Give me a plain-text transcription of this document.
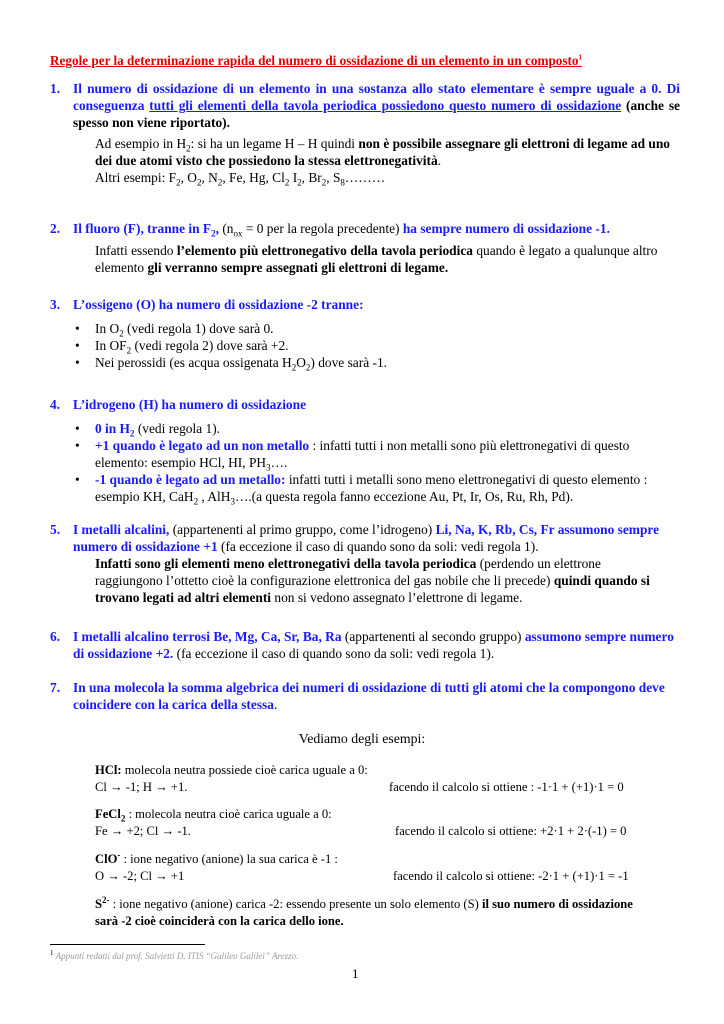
Regole per la determinazione rapida del numero di ossidazione di un elemento in un composto$^1$
1. Il numero di ossidazione di un elemento in una sostanza allo stato elementare è sempre uguale a 0. Di conseguenza tutti gli elementi della tavola periodica possiedono questo numero di ossidazione (anche se spesso non viene riportato).
Ad esempio in $H_2$: si ha un legame H – H quindi non è possibile assegnare gli elettroni di legame ad uno dei due atomi visto che possiedono la stessa elettronegatività.
Altri esempi: $F_2$, $O_2$, $N_2$, Fe, Hg, $Cl_2$ $I_2$, $Br_2$, $S_8\dots\dots\dots$
2. Il fluoro (F), tranne in $F_2$, ($n_{ox} = 0$ per la regola precedente) ha sempre numero di ossidazione -1.
Infatti essendo l’elemento più elettronegativo della tavola periodica quando è legato a qualunque altro elemento gli verranno sempre assegnati gli elettroni di legame.
3. L’ossigeno (O) ha numero di ossidazione -2 tranne:
• In $O_2$ (vedi regola 1) dove sarà 0.
• In $OF_2$ (vedi regola 2) dove sarà +2.
• Nei perossidi (es acqua ossigenata $H_2O_2$) dove sarà -1.
4. L’idrogeno (H) ha numero di ossidazione
• 0 in $H_2$ (vedi regola 1).
• +1 quando è legato ad un non metallo : infatti tutti i non metalli sono più elettronegativi di questo elemento: esempio HCl, HI, $PH_3\dots$.
• -1 quando è legato ad un metallo: infatti tutti i metalli sono meno elettronegativi di questo elemento : esempio KH, CaH$_2$ , AlH$_3$….(a questa regola fanno eccezione Au, Pt, Ir, Os, Ru, Rh, Pd).
5. I metalli alcalini, (appartenenti al primo gruppo, come l’idrogeno) Li, Na, K, Rb, Cs, Fr assumono sempre numero di ossidazione +1 (fa eccezione il caso di quando sono da soli: vedi regola 1).
Infatti sono gli elementi meno elettronegativi della tavola periodica (perdendo un elettrone raggiungono l’ottetto cioè la configurazione elettronica del gas nobile che li precede) quindi quando si trovano legati ad altri elementi non si vedono assegnato l’elettrone di legame.
6. I metalli alcalino terrosi Be, Mg, Ca, Sr, Ba, Ra (appartenenti al secondo gruppo) assumono sempre numero di ossidazione +2. (fa eccezione il caso di quando sono da soli: vedi regola 1).
7. In una molecola la somma algebrica dei numeri di ossidazione di tutti gli atomi che la compongono deve coincidere con la carica della stessa.
Vediamo degli esempi:
HCl: molecola neutra possiede cioè carica uguale a 0:
Cl → -1; H → +1.	facendo il calcolo si ottiene : -1·1 + (+1)·1 = 0
FeCl$_2$ : molecola neutra cioè carica uguale a 0:
Fe → +2; Cl → -1.	facendo il calcolo si ottiene: +2·1 + 2·(-1) = 0
ClO- : ione negativo (anione) la sua carica è -1 :
O → -2; Cl → +1	facendo il calcolo si ottiene: -2·1 + (+1)·1 = -1
$S^{2-}$ : ione negativo (anione) carica -2: essendo presente un solo elemento (S) il suo numero di ossidazione sarà -2 cioè coinciderà con la carica dello ione.
$^1$ Appunti redatti dal prof. Salvietti D. ITIS “Galileo Galilei” Arezzo.
1
